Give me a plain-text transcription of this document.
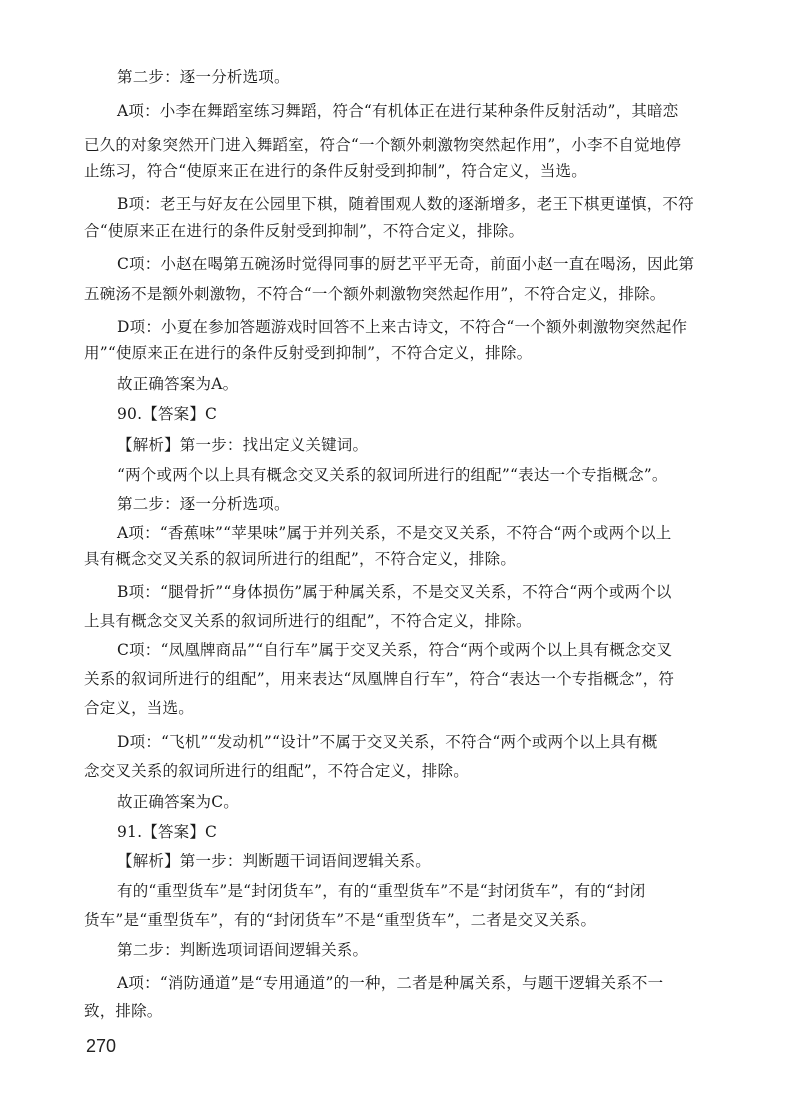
第二步：逐一分析选项。
A项：小李在舞蹈室练习舞蹈，符合“有机体正在进行某种条件反射活动”，其暗恋
已久的对象突然开门进入舞蹈室，符合“一个额外刺激物突然起作用”，小李不自觉地停
止练习，符合“使原来正在进行的条件反射受到抑制”，符合定义，当选。
B项：老王与好友在公园里下棋，随着围观人数的逐渐增多，老王下棋更谨慎，不符
合“使原来正在进行的条件反射受到抑制”，不符合定义，排除。
C项：小赵在喝第五碗汤时觉得同事的厨艺平平无奇，前面小赵一直在喝汤，因此第
五碗汤不是额外刺激物，不符合“一个额外刺激物突然起作用”，不符合定义，排除。
D项：小夏在参加答题游戏时回答不上来古诗文，不符合“一个额外刺激物突然起作
用”“使原来正在进行的条件反射受到抑制”，不符合定义，排除。
故正确答案为A。
90.【答案】C
【解析】第一步：找出定义关键词。
“两个或两个以上具有概念交叉关系的叙词所进行的组配”“表达一个专指概念”。
第二步：逐一分析选项。
A项：“香蕉味”“苹果味”属于并列关系，不是交叉关系，不符合“两个或两个以上
具有概念交叉关系的叙词所进行的组配”，不符合定义，排除。
B项：“腿骨折”“身体损伤”属于种属关系，不是交叉关系，不符合“两个或两个以
上具有概念交叉关系的叙词所进行的组配”，不符合定义，排除。
C项：“凤凰牌商品”“自行车”属于交叉关系，符合“两个或两个以上具有概念交叉
关系的叙词所进行的组配”，用来表达“凤凰牌自行车”，符合“表达一个专指概念”，符
合定义，当选。
D项：“飞机”“发动机”“设计”不属于交叉关系，不符合“两个或两个以上具有概
念交叉关系的叙词所进行的组配”，不符合定义，排除。
故正确答案为C。
91.【答案】C
【解析】第一步：判断题干词语间逻辑关系。
有的“重型货车”是“封闭货车”，有的“重型货车”不是“封闭货车”，有的“封闭
货车”是“重型货车”，有的“封闭货车”不是“重型货车”，二者是交叉关系。
第二步：判断选项词语间逻辑关系。
A项：“消防通道”是“专用通道”的一种，二者是种属关系，与题干逻辑关系不一
致，排除。
270
